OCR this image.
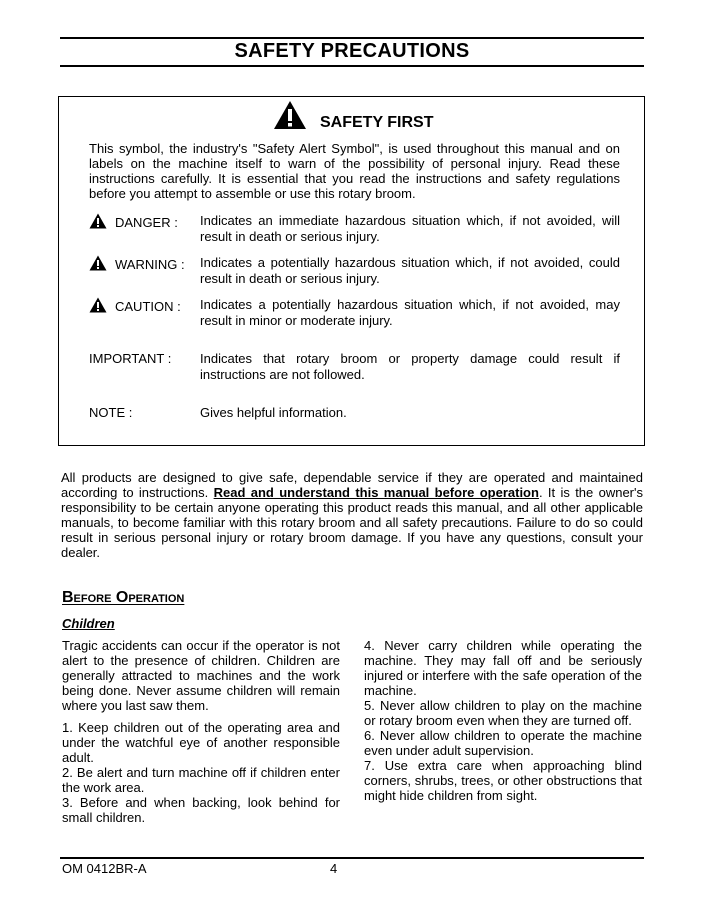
SAFETY PRECAUTIONS
SAFETY FIRST
This symbol, the industry's "Safety Alert Symbol", is used throughout this manual and on labels on the machine itself to warn of the possibility of personal injury. Read these instructions carefully. It is essential that you read the instructions and safety regulations before you attempt to assemble or use this rotary broom.
DANGER : Indicates an immediate hazardous situation which, if not avoided, will result in death or serious injury.
WARNING : Indicates a potentially hazardous situation which, if not avoided, could result in death or serious injury.
CAUTION : Indicates a potentially hazardous situation which, if not avoided, may result in minor or moderate injury.
IMPORTANT : Indicates that rotary broom or property damage could result if instructions are not followed.
NOTE :	Gives helpful information.
All products are designed to give safe, dependable service if they are operated and maintained according to instructions. Read and understand this manual before operation. It is the owner's responsibility to be certain anyone operating this product reads this manual, and all other applicable manuals, to become familiar with this rotary broom and all safety precautions. Failure to do so could result in serious personal injury or rotary broom damage. If you have any questions, consult your dealer.
Before Operation
Children

Tragic accidents can occur if the operator is not alert to the presence of children. Children are generally attracted to machines and the work being done. Never assume children will remain where you last saw them.

1. Keep children out of the operating area and under the watchful eye of another responsible adult.

2. Be alert and turn machine off if children enter the work area.

3. Before and when backing, look behind for small children.

4. Never carry children while operating the machine. They may fall off and be seriously injured or interfere with the safe operation of the machine.

5. Never allow children to play on the machine or rotary broom even when they are turned off.

6. Never allow children to operate the machine even under adult supervision.

7. Use extra care when approaching blind corners, shrubs, trees, or other obstructions that might hide children from sight.

OM 0412BR-A	4
